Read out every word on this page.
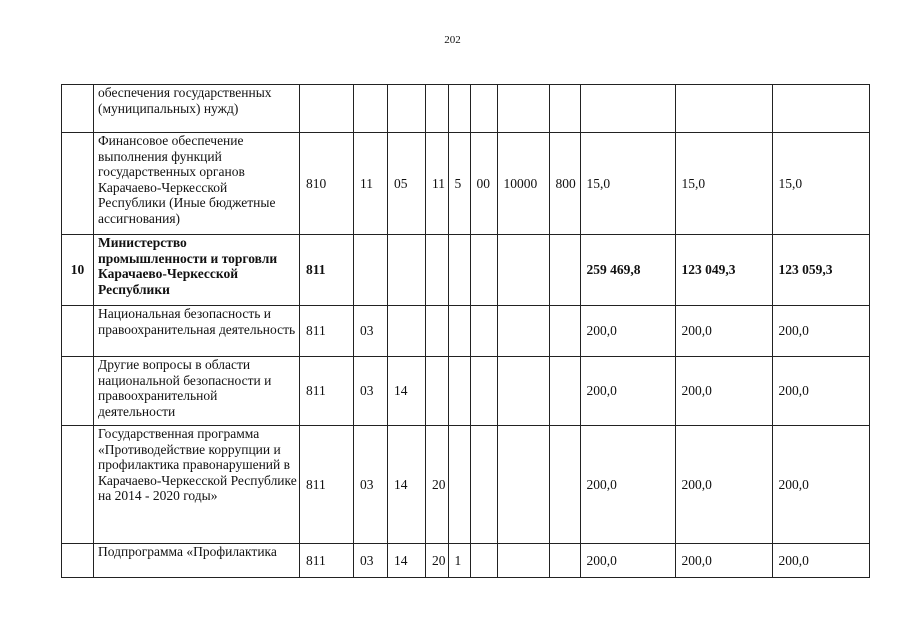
202
	обеспечения государственных (муниципальных) нужд)											
	Финансовое обеспечение выполнения функций государственных органов Карачаево-Черкесской Республики (Иные бюджетные ассигнования)	810	11	05	11	5	00	10000	800	15,0	15,0	15,0
10	Министерство промышленности и торговли Карачаево-Черкесской Республики	811								259 469,8	123 049,3	123 059,3
	Национальная безопасность и правоохранительная деятельность	811	03							200,0	200,0	200,0
	Другие вопросы в области национальной безопасности и правоохранительной деятельности	811	03	14						200,0	200,0	200,0
	Государственная программа «Противодействие коррупции и профилактика правонарушений в Карачаево-Черкесской Республике на 2014 - 2020 годы»	811	03	14	20					200,0	200,0	200,0
	Подпрограмма «Профилактика	811	03	14	20	1				200,0	200,0	200,0
